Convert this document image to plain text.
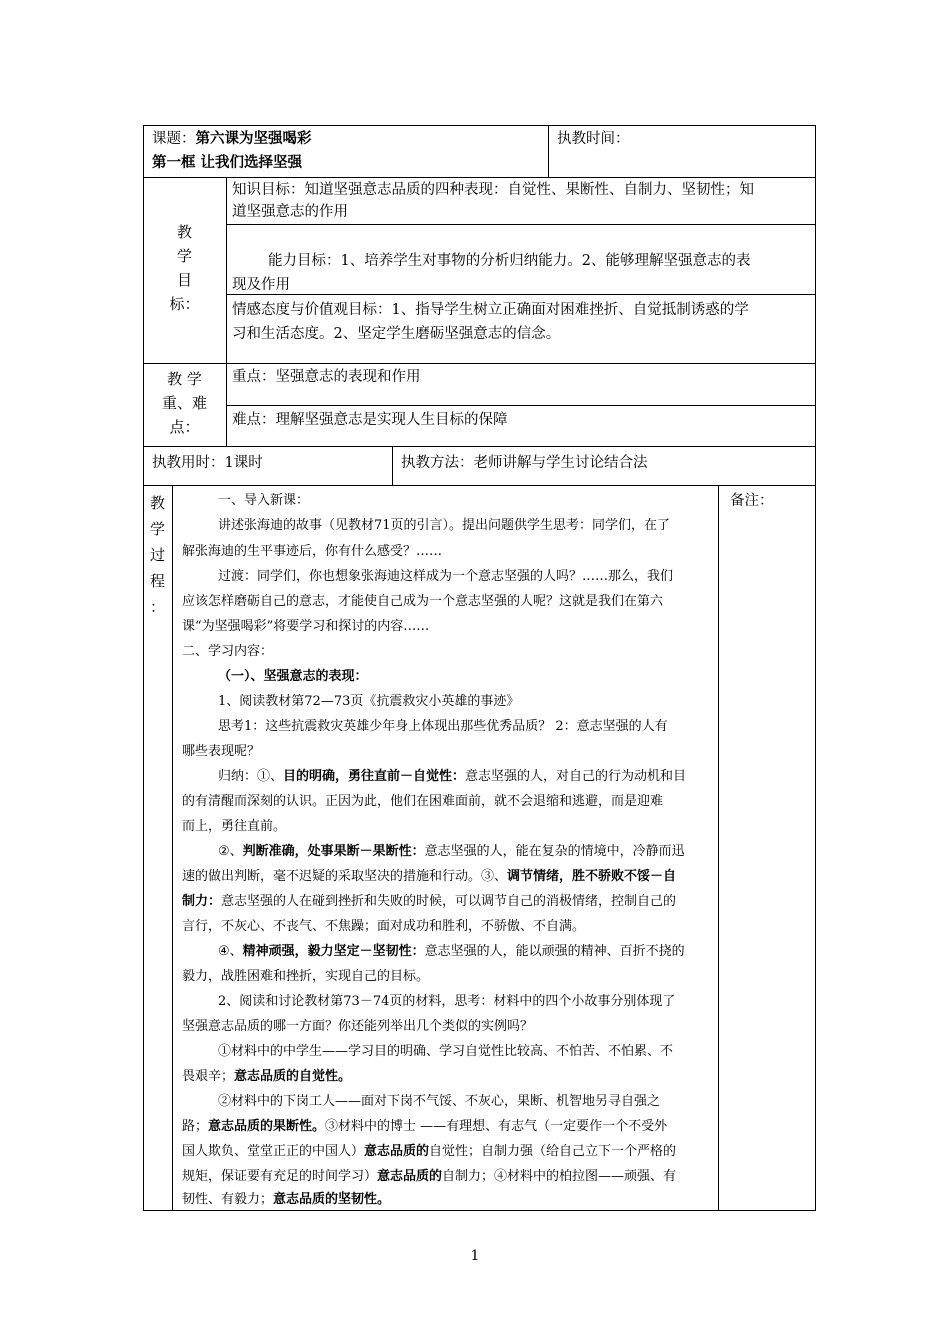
课题：第六课为坚强喝彩
第一框 让我们选择坚强
执教时间：
教
学
目
标：
知识目标：知道坚强意志品质的四种表现：自觉性、果断性、自制力、坚韧性；知
道坚强意志的作用
能力目标：1、培养学生对事物的分析归纳能力。2、能够理解坚强意志的表
现及作用
情感态度与价值观目标：1、指导学生树立正确面对困难挫折、自觉抵制诱惑的学
习和生活态度。2、坚定学生磨砺坚强意志的信念。
教 学
重、难
点：
重点：坚强意志的表现和作用
难点：理解坚强意志是实现人生目标的保障
执教用时：1课时	执教方法：老师讲解与学生讨论结合法
教
学
过
程
：
备注：
一、导入新课：
讲述张海迪的故事（见教材71页的引言）。提出问题供学生思考：同学们，在了
解张海迪的生平事迹后，你有什么感受？……
过渡：同学们，你也想象张海迪这样成为一个意志坚强的人吗？……那么，我们
应该怎样磨砺自己的意志，才能使自己成为一个意志坚强的人呢？这就是我们在第六
课“为坚强喝彩”将要学习和探讨的内容……
二、学习内容：
（一）、坚强意志的表现：
1、阅读教材第72—73页《抗震救灾小英雄的事迹》
思考1：这些抗震救灾英雄少年身上体现出那些优秀品质？ 2：意志坚强的人有
哪些表现呢？
归纳：①、目的明确，勇往直前－自觉性：意志坚强的人，对自己的行为动机和目
的有清醒而深刻的认识。正因为此，他们在困难面前，就不会退缩和逃避，而是迎难
而上，勇往直前。
②、判断准确，处事果断－果断性：意志坚强的人，能在复杂的情境中，冷静而迅
速的做出判断，毫不迟疑的采取坚决的措施和行动。③、调节情绪，胜不骄败不馁－自
制力：意志坚强的人在碰到挫折和失败的时候，可以调节自己的消极情绪，控制自己的
言行，不灰心、不丧气、不焦躁；面对成功和胜利，不骄傲、不自满。
④、精神顽强，毅力坚定－坚韧性：意志坚强的人，能以顽强的精神、百折不挠的
毅力，战胜困难和挫折，实现自己的目标。
2、阅读和讨论教材第73－74页的材料，思考：材料中的四个小故事分别体现了
坚强意志品质的哪一方面？你还能列举出几个类似的实例吗？
①材料中的中学生——学习目的明确、学习自觉性比较高、不怕苦、不怕累、不
畏艰辛；意志品质的自觉性。
②材料中的下岗工人——面对下岗不气馁、不灰心，果断、机智地另寻自强之
路；意志品质的果断性。③材料中的博士 ——有理想、有志气（一定要作一个不受外
国人欺负、堂堂正正的中国人）意志品质的自觉性；自制力强（给自己立下一个严格的
规矩，保证要有充足的时间学习）意志品质的自制力；④材料中的柏拉图——顽强、有
韧性、有毅力；意志品质的坚韧性。
1
